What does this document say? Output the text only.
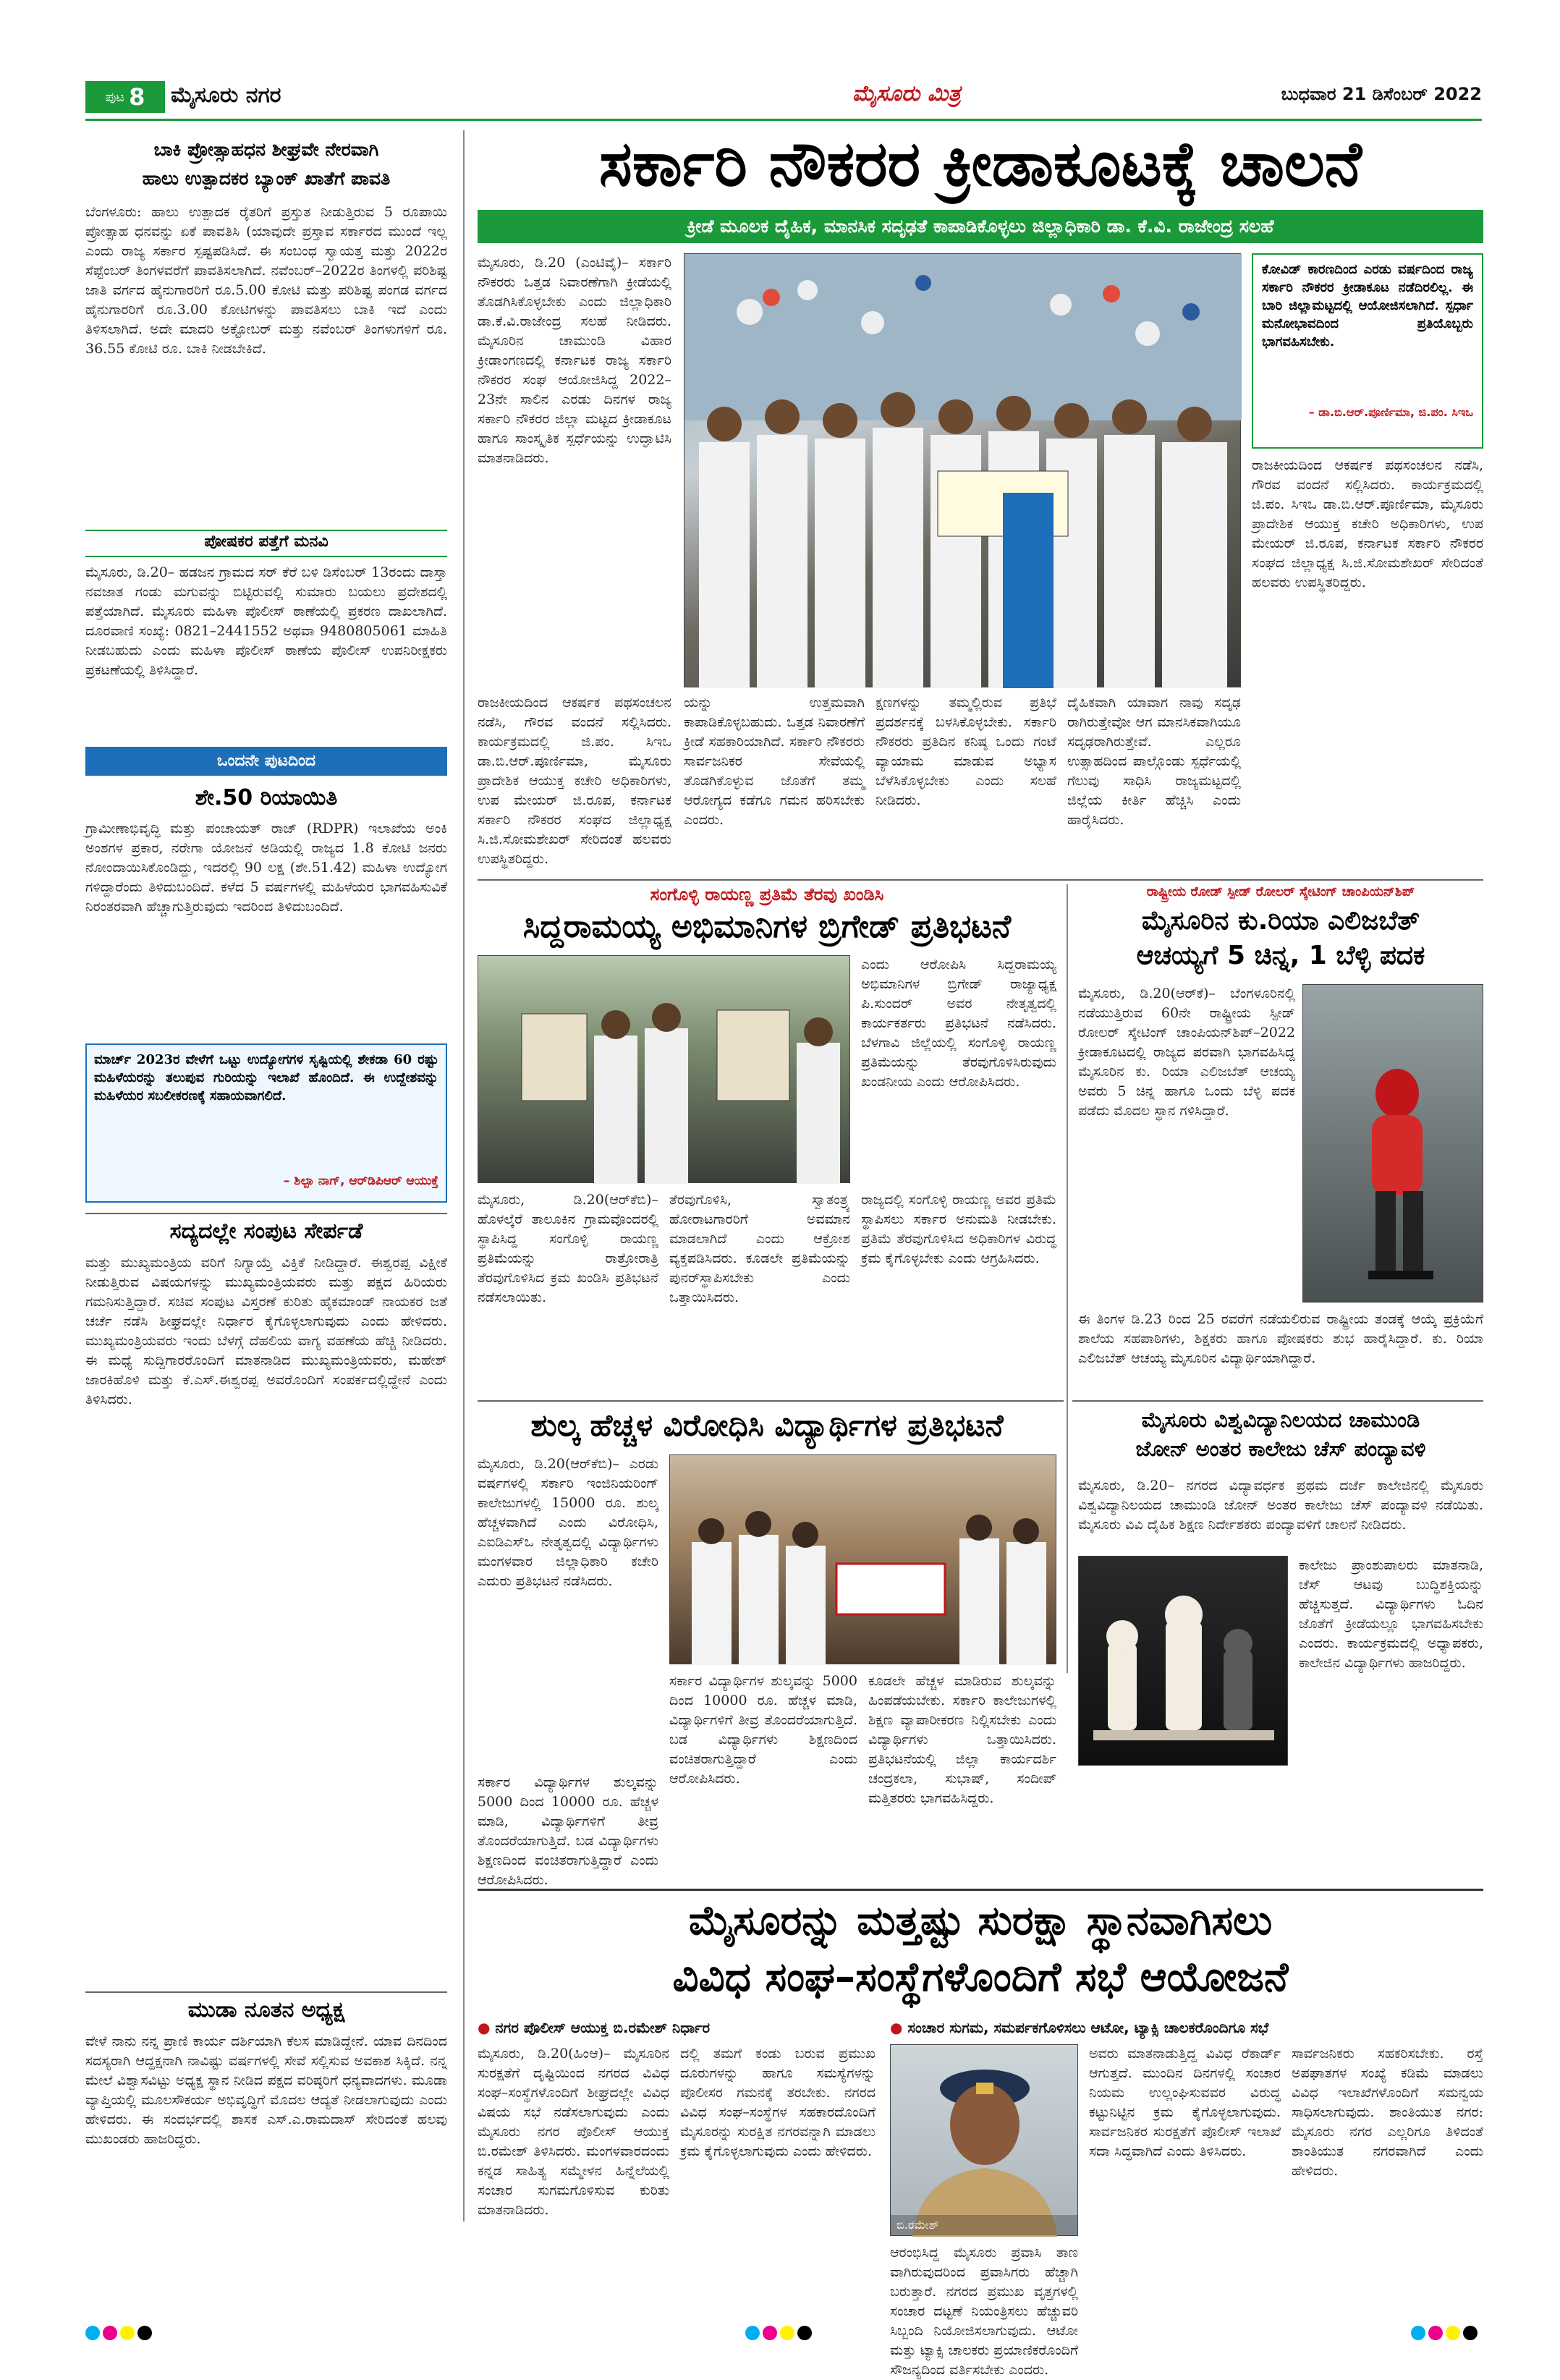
ಪುಟ 8 ಮೈಸೂರು ನಗರ	ಮೈಸೂರು ಮಿತ್ರ	ಬುಧವಾರ 21 ಡಿಸೆಂಬರ್ 2022
ಬಾಕಿ ಪ್ರೋತ್ಸಾಹಧನ ಶೀಘ್ರವೇ ನೇರವಾಗಿ
ಹಾಲು ಉತ್ಪಾದಕರ ಬ್ಯಾಂಕ್ ಖಾತೆಗೆ ಪಾವತಿ

ಬೆಂಗಳೂರು: ಹಾಲು ಉತ್ಪಾದಕ ರೈತರಿಗೆ ಪ್ರಸ್ತುತ ನೀಡುತ್ತಿರುವ 5 ರೂಪಾಯಿ ಪ್ರೋತ್ಸಾಹ ಧನವನ್ನು ಏಕೆ ಪಾವತಿಸಿ (ಯಾವುದೇ ಪ್ರಸ್ತಾವ ಸರ್ಕಾರದ ಮುಂದೆ ಇಲ್ಲ ಎಂದು ರಾಜ್ಯ ಸರ್ಕಾರ ಸ್ಪಷ್ಟಪಡಿಸಿದೆ. ಈ ಸಂಬಂಧ ಸ್ವಾಯತ್ತ ಮತ್ತು 2022ರ ಸೆಪ್ಟೆಂಬರ್ ತಿಂಗಳವರೆಗೆ ಪಾವತಿಸಲಾಗಿದೆ. ನವೆಂಬರ್–2022ರ ತಿಂಗಳಲ್ಲಿ ಪರಿಶಿಷ್ಟ ಜಾತಿ ವರ್ಗದ ಹೈನುಗಾರರಿಗೆ ರೂ.5.00 ಕೋಟಿ ಮತ್ತು ಪರಿಶಿಷ್ಟ ಪಂಗಡ ವರ್ಗದ ಹೈನುಗಾರರಿಗೆ ರೂ.3.00 ಕೋಟಿಗಳನ್ನು ಪಾವತಿಸಲು ಬಾಕಿ ಇದೆ ಎಂದು ತಿಳಿಸಲಾಗಿದೆ. ಅದೇ ಮಾದರಿ ಅಕ್ಟೋಬರ್ ಮತ್ತು ನವೆಂಬರ್ ತಿಂಗಳುಗಳಿಗೆ ರೂ. 36.55 ಕೋಟಿ ರೂ. ಬಾಕಿ ನೀಡಬೇಕಿದೆ.

ಪೋಷಕರ ಪತ್ತೆಗೆ ಮನವಿ

ಮೈಸೂರು, ಡಿ.20– ಹಡಜನ ಗ್ರಾಮದ ಸರ್ ಕೆರೆ ಬಳಿ ಡಿಸೆಂಬರ್ 13ರಂದು ದಾಸ್ತಾ ನವಜಾತ ಗಂಡು ಮಗುವನ್ನು ಬಿಟ್ಟಿರುವಲ್ಲಿ ಸುಮಾರು ಬಯಲು ಪ್ರದೇಶದಲ್ಲಿ ಪತ್ತೆಯಾಗಿದೆ. ಮೈಸೂರು ಮಹಿಳಾ ಪೊಲೀಸ್ ಠಾಣೆಯಲ್ಲಿ ಪ್ರಕರಣ ದಾಖಲಾಗಿದೆ. ದೂರವಾಣಿ ಸಂಖ್ಯೆ: 0821–2441552 ಅಥವಾ 9480805061 ಮಾಹಿತಿ ನೀಡಬಹುದು ಎಂದು ಮಹಿಳಾ ಪೊಲೀಸ್ ಠಾಣೆಯ ಪೊಲೀಸ್ ಉಪನಿರೀಕ್ಷಕರು ಪ್ರಕಟಣೆಯಲ್ಲಿ ತಿಳಿಸಿದ್ದಾರೆ.

ಒಂದನೇ ಪುಟದಿಂದ
ಶೇ.50 ರಿಯಾಯಿತಿ

ಗ್ರಾಮೀಣಾಭಿವೃದ್ಧಿ ಮತ್ತು ಪಂಚಾಯತ್ ರಾಜ್ (RDPR) ಇಲಾಖೆಯ ಅಂಕಿ ಅಂಶಗಳ ಪ್ರಕಾರ, ನರೇಗಾ ಯೋಜನೆ ಅಡಿಯಲ್ಲಿ ರಾಜ್ಯದ 1.8 ಕೋಟಿ ಜನರು ನೋಂದಾಯಿಸಿಕೊಂಡಿದ್ದು, ಇದರಲ್ಲಿ 90 ಲಕ್ಷ (ಶೇ.51.42) ಮಹಿಳಾ ಉದ್ಯೋಗ ಗಳಿದ್ದಾರೆಂದು ತಿಳಿದುಬಂದಿದೆ. ಕಳೆದ 5 ವರ್ಷಗಳಲ್ಲಿ ಮಹಿಳೆಯರ ಭಾಗವಹಿಸುವಿಕೆ ನಿರಂತರವಾಗಿ ಹೆಚ್ಚಾಗುತ್ತಿರುವುದು ಇದರಿಂದ ತಿಳಿದುಬಂದಿದೆ.

ಮಾರ್ಚ್ 2023ರ ವೇಳೆಗೆ ಒಟ್ಟು ಉದ್ಯೋಗಗಳ ಸೃಷ್ಟಿಯಲ್ಲಿ ಶೇಕಡಾ 60 ರಷ್ಟು ಮಹಿಳೆಯರನ್ನು ತಲುಪುವ ಗುರಿಯನ್ನು ಇಲಾಖೆ ಹೊಂದಿದೆ. ಈ ಉದ್ದೇಶವನ್ನು ಮಹಿಳೆಯರ ಸಬಲೀಕರಣಕ್ಕೆ ಸಹಾಯವಾಗಲಿದೆ.

– ಶಿಲ್ಪಾ ನಾಗ್, ಆರ್‌ಡಿಪಿಆರ್ ಆಯುಕ್ತೆ
ಸದ್ಯದಲ್ಲೇ ಸಂಪುಟ ಸೇರ್ಪಡೆ

ಮತ್ತು ಮುಖ್ಯಮಂತ್ರಿಯ ವರಿಗೆ ನಿಗ್ಯಾಯ್ತೆ ವಿಕ್ತಿಕೆ ನೀಡಿದ್ದಾರೆ. ಈಶ್ವರಪ್ಪ ವಿಕ್ಷೀಕೆ ನೀಡುತ್ತಿರುವ ವಿಷಯಗಳನ್ನು ಮುಖ್ಯಮಂತ್ರಿಯವರು ಮತ್ತು ಪಕ್ಷದ ಹಿರಿಯರು ಗಮನಿಸುತ್ತಿದ್ದಾರೆ. ಸಚಿವ ಸಂಪುಟ ವಿಸ್ತರಣೆ ಕುರಿತು ಹೈಕಮಾಂಡ್ ನಾಯಕರ ಜತೆ ಚರ್ಚೆ ನಡೆಸಿ ಶೀಘ್ರದಲ್ಲೇ ನಿರ್ಧಾರ ಕೈಗೊಳ್ಳಲಾಗುವುದು ಎಂದು ಹೇಳಿದರು. ಮುಖ್ಯಮಂತ್ರಿಯವರು ಇಂದು ಬೆಳಗ್ಗೆ ದೆಹಲಿಯ ವಾಗ್ಯ ವಹಣೆಯ ಹೆಚ್ಚಿ ನೀಡಿದರು. ಈ ಮಧ್ಯೆ ಸುದ್ದಿಗಾರರೊಂದಿಗೆ ಮಾತನಾಡಿದ ಮುಖ್ಯಮಂತ್ರಿಯವರು, ಮಹೇಶ್ ಜಾರಕಿಹೊಳಿ ಮತ್ತು ಕೆ.ಎಸ್.ಈಶ್ವರಪ್ಪ ಅವರೊಂದಿಗೆ ಸಂಪರ್ಕದಲ್ಲಿದ್ದೇನೆ ಎಂದು ತಿಳಿಸಿದರು.

ಮುಡಾ ನೂತನ ಅಧ್ಯಕ್ಷ

ವೇಳೆ ನಾನು ನನ್ನ ಪ್ರಾಣಿ ಕಾರ್ಯ ದರ್ಶಿಯಾಗಿ ಕೆಲಸ ಮಾಡಿದ್ದೇನೆ. ಯಾವ ದಿನದಿಂದ ಸದಸ್ಯರಾಗಿ ಆದ್ದಕ್ಷನಾಗಿ ನಾವಿಷ್ಟು ವರ್ಷಗಳಲ್ಲಿ ಸೇವೆ ಸಲ್ಲಿಸುವ ಅವಕಾಶ ಸಿಕ್ಕಿದೆ. ನನ್ನ ಮೇಲೆ ವಿಶ್ವಾಸವಿಟ್ಟು ಅಧ್ಯಕ್ಷ ಸ್ಥಾನ ನೀಡಿದ ಪಕ್ಷದ ವರಿಷ್ಠರಿಗೆ ಧನ್ಯವಾದಗಳು. ಮೂಡಾ ವ್ಯಾಪ್ತಿಯಲ್ಲಿ ಮೂಲಸೌಕರ್ಯ ಅಭಿವೃದ್ಧಿಗೆ ಮೊದಲ ಆದ್ಯತೆ ನೀಡಲಾಗುವುದು ಎಂದು ಹೇಳಿದರು. ಈ ಸಂದರ್ಭದಲ್ಲಿ ಶಾಸಕ ಎಸ್.ಎ.ರಾಮದಾಸ್ ಸೇರಿದಂತೆ ಹಲವು ಮುಖಂಡರು ಹಾಜರಿದ್ದರು.

ಸರ್ಕಾರಿ ನೌಕರರ ಕ್ರೀಡಾಕೂಟಕ್ಕೆ ಚಾಲನೆ
ಕ್ರೀಡೆ ಮೂಲಕ ದೈಹಿಕ, ಮಾನಸಿಕ ಸದೃಢತೆ ಕಾಪಾಡಿಕೊಳ್ಳಲು ಜಿಲ್ಲಾಧಿಕಾರಿ ಡಾ. ಕೆ.ವಿ. ರಾಜೇಂದ್ರ ಸಲಹೆ

ಮೈಸೂರು, ಡಿ.20 (ಎಂಟಿವೈ)– ಸರ್ಕಾರಿ ನೌಕರರು ಒತ್ತಡ ನಿವಾರಣೆಗಾಗಿ ಕ್ರೀಡೆಯಲ್ಲಿ ತೊಡಗಿಸಿಕೊಳ್ಳಬೇಕು ಎಂದು ಜಿಲ್ಲಾಧಿಕಾರಿ ಡಾ.ಕೆ.ವಿ.ರಾಜೇಂದ್ರ ಸಲಹೆ ನೀಡಿದರು. ಮೈಸೂರಿನ ಚಾಮುಂಡಿ ವಿಹಾರ ಕ್ರೀಡಾಂಗಣದಲ್ಲಿ ಕರ್ನಾಟಕ ರಾಜ್ಯ ಸರ್ಕಾರಿ ನೌಕರರ ಸಂಘ ಆಯೋಜಿಸಿದ್ದ 2022–23ನೇ ಸಾಲಿನ ಎರಡು ದಿನಗಳ ರಾಜ್ಯ ಸರ್ಕಾರಿ ನೌಕರರ ಜಿಲ್ಲಾ ಮಟ್ಟದ ಕ್ರೀಡಾಕೂಟ ಹಾಗೂ ಸಾಂಸ್ಕೃತಿಕ ಸ್ಪರ್ಧೆಯನ್ನು ಉದ್ಘಾಟಿಸಿ ಮಾತನಾಡಿದರು.

ಕೋವಿಡ್ ಕಾರಣದಿಂದ ಎರಡು ವರ್ಷದಿಂದ ರಾಜ್ಯ ಸರ್ಕಾರಿ ನೌಕರರ ಕ್ರೀಡಾಕೂಟ ನಡೆದಿರಲಿಲ್ಲ. ಈ ಬಾರಿ ಜಿಲ್ಲಾಮಟ್ಟದಲ್ಲಿ ಆಯೋಜಿಸಲಾಗಿದೆ. ಸ್ಪರ್ಧಾ ಮನೋಭಾವದಿಂದ ಪ್ರತಿಯೊಬ್ಬರು ಭಾಗವಹಿಸಬೇಕು.

– ಡಾ.ಬಿ.ಆರ್.ಪೂರ್ಣಿಮಾ, ಜಿ.ಪಂ. ಸಿಇಒ

ರಾಜಕೀಯದಿಂದ ಆಕರ್ಷಕ ಪಥಸಂಚಲನ ನಡೆಸಿ, ಗೌರವ ವಂದನೆ ಸಲ್ಲಿಸಿದರು. ಕಾರ್ಯಕ್ರಮದಲ್ಲಿ ಜಿ.ಪಂ. ಸಿಇಒ ಡಾ.ಬಿ.ಆರ್.ಪೂರ್ಣಿಮಾ, ಮೈಸೂರು ಪ್ರಾದೇಶಿಕ ಆಯುಕ್ತ ಕಚೇರಿ ಅಧಿಕಾರಿಗಳು, ಉಪ ಮೇಯರ್ ಜಿ.ರೂಪ, ಕರ್ನಾಟಕ ಸರ್ಕಾರಿ ನೌಕರರ ಸಂಘದ ಜಿಲ್ಲಾಧ್ಯಕ್ಷ ಸಿ.ಜಿ.ಸೋಮಶೇಖರ್ ಸೇರಿದಂತೆ ಹಲವರು ಉಪಸ್ಥಿತರಿದ್ದರು.

ಯನ್ನು ಉತ್ತಮವಾಗಿ ಕಾಪಾಡಿಕೊಳ್ಳಬಹುದು. ಒತ್ತಡ ನಿವಾರಣೆಗೆ ಕ್ರೀಡೆ ಸಹಕಾರಿಯಾಗಿದೆ. ಸರ್ಕಾರಿ ನೌಕರರು ಸಾರ್ವಜನಿಕರ ಸೇವೆಯಲ್ಲಿ ತೊಡಗಿಕೊಳ್ಳುವ ಜೊತೆಗೆ ತಮ್ಮ ಆರೋಗ್ಯದ ಕಡೆಗೂ ಗಮನ ಹರಿಸಬೇಕು ಎಂದರು.

ಕ್ಷಣಗಳನ್ನು ತಮ್ಮಲ್ಲಿರುವ ಪ್ರತಿಭೆ ಪ್ರದರ್ಶನಕ್ಕೆ ಬಳಸಿಕೊಳ್ಳಬೇಕು. ಸರ್ಕಾರಿ ನೌಕರರು ಪ್ರತಿದಿನ ಕನಿಷ್ಠ ಒಂದು ಗಂಟೆ ವ್ಯಾಯಾಮ ಮಾಡುವ ಅಭ್ಯಾಸ ಬೆಳೆಸಿಕೊಳ್ಳಬೇಕು ಎಂದು ಸಲಹೆ ನೀಡಿದರು.

ದೈಹಿಕವಾಗಿ ಯಾವಾಗ ನಾವು ಸದೃಢ ರಾಗಿರುತ್ತೇವೋ ಆಗ ಮಾನಸಿಕವಾಗಿಯೂ ಸದೃಢರಾಗಿರುತ್ತೇವೆ. ಎಲ್ಲರೂ ಉತ್ಸಾಹದಿಂದ ಪಾಲ್ಗೊಂಡು ಸ್ಪರ್ಧೆಯಲ್ಲಿ ಗೆಲುವು ಸಾಧಿಸಿ ರಾಜ್ಯಮಟ್ಟದಲ್ಲಿ ಜಿಲ್ಲೆಯ ಕೀರ್ತಿ ಹೆಚ್ಚಿಸಿ ಎಂದು ಹಾರೈಸಿದರು.

ರಾಜಕೀಯದಿಂದ ಆಕರ್ಷಕ ಪಥಸಂಚಲನ ನಡೆಸಿ, ಗೌರವ ವಂದನೆ ಸಲ್ಲಿಸಿದರು. ಕಾರ್ಯಕ್ರಮದಲ್ಲಿ ಜಿ.ಪಂ. ಸಿಇಒ ಡಾ.ಬಿ.ಆರ್.ಪೂರ್ಣಿಮಾ, ಮೈಸೂರು ಪ್ರಾದೇಶಿಕ ಆಯುಕ್ತ ಕಚೇರಿ ಅಧಿಕಾರಿಗಳು, ಉಪ ಮೇಯರ್ ಜಿ.ರೂಪ, ಕರ್ನಾಟಕ ಸರ್ಕಾರಿ ನೌಕರರ ಸಂಘದ ಜಿಲ್ಲಾಧ್ಯಕ್ಷ ಸಿ.ಜಿ.ಸೋಮಶೇಖರ್ ಸೇರಿದಂತೆ ಹಲವರು ಉಪಸ್ಥಿತರಿದ್ದರು.

ಸಂಗೊಳ್ಳಿ ರಾಯಣ್ಣ ಪ್ರತಿಮೆ ತೆರವು ಖಂಡಿಸಿ
ಸಿದ್ದರಾಮಯ್ಯ ಅಭಿಮಾನಿಗಳ ಬ್ರಿಗೇಡ್ ಪ್ರತಿಭಟನೆ

ಎಂದು ಆರೋಪಿಸಿ ಸಿದ್ದರಾಮಯ್ಯ ಅಭಿಮಾನಿಗಳ ಬ್ರಿಗೇಡ್ ರಾಜ್ಯಾಧ್ಯಕ್ಷ ಪಿ.ಸುಂದರ್ ಅವರ ನೇತೃತ್ವದಲ್ಲಿ ಕಾರ್ಯಕರ್ತರು ಪ್ರತಿಭಟನೆ ನಡೆಸಿದರು. ಬೆಳಗಾವಿ ಜಿಲ್ಲೆಯಲ್ಲಿ ಸಂಗೊಳ್ಳಿ ರಾಯಣ್ಣ ಪ್ರತಿಮೆಯನ್ನು ತೆರವುಗೊಳಿಸಿರುವುದು ಖಂಡನೀಯ ಎಂದು ಆರೋಪಿಸಿದರು.

ಮೈಸೂರು, ಡಿ.20(ಆರ್‌ಕೆಬಿ)– ಹೊಳಲ್ಕೆರೆ ತಾಲೂಕಿನ ಗ್ರಾಮವೊಂದರಲ್ಲಿ ಸ್ಥಾಪಿಸಿದ್ದ ಸಂಗೊಳ್ಳಿ ರಾಯಣ್ಣ ಪ್ರತಿಮೆಯನ್ನು ರಾತ್ರೋರಾತ್ರಿ ತೆರವುಗೊಳಿಸಿದ ಕ್ರಮ ಖಂಡಿಸಿ ಪ್ರತಿಭಟನೆ ನಡೆಸಲಾಯಿತು.

ತೆರವುಗೊಳಿಸಿ, ಸ್ವಾತಂತ್ರ್ಯ ಹೋರಾಟಗಾರರಿಗೆ ಅವಮಾನ ಮಾಡಲಾಗಿದೆ ಎಂದು ಆಕ್ರೋಶ ವ್ಯಕ್ತಪಡಿಸಿದರು. ಕೂಡಲೇ ಪ್ರತಿಮೆಯನ್ನು ಪುನರ್‌ಸ್ಥಾಪಿಸಬೇಕು ಎಂದು ಒತ್ತಾಯಿಸಿದರು.

ರಾಜ್ಯದಲ್ಲಿ ಸಂಗೊಳ್ಳಿ ರಾಯಣ್ಣ ಅವರ ಪ್ರತಿಮೆ ಸ್ಥಾಪಿಸಲು ಸರ್ಕಾರ ಅನುಮತಿ ನೀಡಬೇಕು. ಪ್ರತಿಮೆ ತೆರವುಗೊಳಿಸಿದ ಅಧಿಕಾರಿಗಳ ವಿರುದ್ಧ ಕ್ರಮ ಕೈಗೊಳ್ಳಬೇಕು ಎಂದು ಆಗ್ರಹಿಸಿದರು.

ರಾಷ್ಟ್ರೀಯ ರೋಡ್ ಸ್ಪೀಡ್ ರೋಲರ್ ಸ್ಕೇಟಿಂಗ್ ಚಾಂಪಿಯನ್‌ಶಿಪ್
ಮೈಸೂರಿನ ಕು.ರಿಯಾ ಎಲಿಜಬೆತ್
ಆಚಯ್ಯಗೆ 5 ಚಿನ್ನ, 1 ಬೆಳ್ಳಿ ಪದಕ

ಮೈಸೂರು, ಡಿ.20(ಆರ್‌ಕೆ)– ಬೆಂಗಳೂರಿನಲ್ಲಿ ನಡೆಯುತ್ತಿರುವ 60ನೇ ರಾಷ್ಟ್ರೀಯ ಸ್ಪೀಡ್ ರೋಲರ್ ಸ್ಕೇಟಿಂಗ್ ಚಾಂಪಿಯನ್‌ಶಿಪ್–2022 ಕ್ರೀಡಾಕೂಟದಲ್ಲಿ ರಾಜ್ಯದ ಪರವಾಗಿ ಭಾಗವಹಿಸಿದ್ದ ಮೈಸೂರಿನ ಕು. ರಿಯಾ ಎಲಿಜಬೆತ್ ಆಚಯ್ಯ ಅವರು 5 ಚಿನ್ನ ಹಾಗೂ ಒಂದು ಬೆಳ್ಳಿ ಪದಕ ಪಡೆದು ಮೊದಲ ಸ್ಥಾನ ಗಳಿಸಿದ್ದಾರೆ.

ಈ ತಿಂಗಳ ಡಿ.23 ರಿಂದ 25 ರವರೆಗೆ ನಡೆಯಲಿರುವ ರಾಷ್ಟ್ರೀಯ ತಂಡಕ್ಕೆ ಆಯ್ಕೆ ಪ್ರಕ್ರಿಯೆಗೆ ಶಾಲೆಯ ಸಹಪಾಠಿಗಳು, ಶಿಕ್ಷಕರು ಹಾಗೂ ಪೋಷಕರು ಶುಭ ಹಾರೈಸಿದ್ದಾರೆ. ಕು. ರಿಯಾ ಎಲಿಜಬೆತ್ ಆಚಯ್ಯ ಮೈಸೂರಿನ ವಿದ್ಯಾರ್ಥಿಯಾಗಿದ್ದಾರೆ.

ಶುಲ್ಕ ಹೆಚ್ಚಳ ವಿರೋಧಿಸಿ ವಿದ್ಯಾರ್ಥಿಗಳ ಪ್ರತಿಭಟನೆ

ಮೈಸೂರು, ಡಿ.20(ಆರ್‌ಕೆಬಿ)– ಎರಡು ವರ್ಷಗಳಲ್ಲಿ ಸರ್ಕಾರಿ ಇಂಜಿನಿಯರಿಂಗ್ ಕಾಲೇಜುಗಳಲ್ಲಿ 15000 ರೂ. ಶುಲ್ಕ ಹೆಚ್ಚಳವಾಗಿದೆ ಎಂದು ವಿರೋಧಿಸಿ, ಎಐಡಿಎಸ್‌ಒ ನೇತೃತ್ವದಲ್ಲಿ ವಿದ್ಯಾರ್ಥಿಗಳು ಮಂಗಳವಾರ ಜಿಲ್ಲಾಧಿಕಾರಿ ಕಚೇರಿ ಎದುರು ಪ್ರತಿಭಟನೆ ನಡೆಸಿದರು.

ಸರ್ಕಾರ ವಿದ್ಯಾರ್ಥಿಗಳ ಶುಲ್ಕವನ್ನು 5000 ದಿಂದ 10000 ರೂ. ಹೆಚ್ಚಳ ಮಾಡಿ, ವಿದ್ಯಾರ್ಥಿಗಳಿಗೆ ತೀವ್ರ ತೊಂದರೆಯಾಗುತ್ತಿದೆ. ಬಡ ವಿದ್ಯಾರ್ಥಿಗಳು ಶಿಕ್ಷಣದಿಂದ ವಂಚಿತರಾಗುತ್ತಿದ್ದಾರೆ ಎಂದು ಆರೋಪಿಸಿದರು.

ಕೂಡಲೇ ಹೆಚ್ಚಳ ಮಾಡಿರುವ ಶುಲ್ಕವನ್ನು ಹಿಂಪಡೆಯಬೇಕು. ಸರ್ಕಾರಿ ಕಾಲೇಜುಗಳಲ್ಲಿ ಶಿಕ್ಷಣ ವ್ಯಾಪಾರೀಕರಣ ನಿಲ್ಲಿಸಬೇಕು ಎಂದು ವಿದ್ಯಾರ್ಥಿಗಳು ಒತ್ತಾಯಿಸಿದರು. ಪ್ರತಿಭಟನೆಯಲ್ಲಿ ಜಿಲ್ಲಾ ಕಾರ್ಯದರ್ಶಿ ಚಂದ್ರಕಲಾ, ಸುಭಾಷ್, ಸಂದೀಪ್ ಮತ್ತಿತರರು ಭಾಗವಹಿಸಿದ್ದರು.

ಸರ್ಕಾರ ವಿದ್ಯಾರ್ಥಿಗಳ ಶುಲ್ಕವನ್ನು 5000 ದಿಂದ 10000 ರೂ. ಹೆಚ್ಚಳ ಮಾಡಿ, ವಿದ್ಯಾರ್ಥಿಗಳಿಗೆ ತೀವ್ರ ತೊಂದರೆಯಾಗುತ್ತಿದೆ. ಬಡ ವಿದ್ಯಾರ್ಥಿಗಳು ಶಿಕ್ಷಣದಿಂದ ವಂಚಿತರಾಗುತ್ತಿದ್ದಾರೆ ಎಂದು ಆರೋಪಿಸಿದರು.

ಮೈಸೂರು ವಿಶ್ವವಿದ್ಯಾನಿಲಯದ ಚಾಮುಂಡಿ
ಜೋನ್ ಅಂತರ ಕಾಲೇಜು ಚೆಸ್ ಪಂದ್ಯಾವಳಿ

ಮೈಸೂರು, ಡಿ.20– ನಗರದ ವಿದ್ಯಾವರ್ಧಕ ಪ್ರಥಮ ದರ್ಜೆ ಕಾಲೇಜಿನಲ್ಲಿ ಮೈಸೂರು ವಿಶ್ವವಿದ್ಯಾನಿಲಯದ ಚಾಮುಂಡಿ ಜೋನ್ ಅಂತರ ಕಾಲೇಜು ಚೆಸ್ ಪಂದ್ಯಾವಳಿ ನಡೆಯಿತು. ಮೈಸೂರು ವಿವಿ ದೈಹಿಕ ಶಿಕ್ಷಣ ನಿರ್ದೇಶಕರು ಪಂದ್ಯಾವಳಿಗೆ ಚಾಲನೆ ನೀಡಿದರು.

ಕಾಲೇಜು ಪ್ರಾಂಶುಪಾಲರು ಮಾತನಾಡಿ, ಚೆಸ್ ಆಟವು ಬುದ್ಧಿಶಕ್ತಿಯನ್ನು ಹೆಚ್ಚಿಸುತ್ತದೆ. ವಿದ್ಯಾರ್ಥಿಗಳು ಓದಿನ ಜೊತೆಗೆ ಕ್ರೀಡೆಯಲ್ಲೂ ಭಾಗವಹಿಸಬೇಕು ಎಂದರು. ಕಾರ್ಯಕ್ರಮದಲ್ಲಿ ಅಧ್ಯಾಪಕರು, ಕಾಲೇಜಿನ ವಿದ್ಯಾರ್ಥಿಗಳು ಹಾಜರಿದ್ದರು.

ಮೈಸೂರನ್ನು ಮತ್ತಷ್ಟು ಸುರಕ್ಷಾ ಸ್ಥಾನವಾಗಿಸಲು
ವಿವಿಧ ಸಂಘ–ಸಂಸ್ಥೆಗಳೊಂದಿಗೆ ಸಭೆ ಆಯೋಜನೆ
● ನಗರ ಪೊಲೀಸ್ ಆಯುಕ್ತ ಬಿ.ರಮೇಶ್ ನಿರ್ಧಾರ	● ಸಂಚಾರ ಸುಗಮ, ಸಮರ್ಪಕಗೊಳಿಸಲು ಆಟೋ, ಟ್ಯಾಕ್ಸಿ ಚಾಲಕರೊಂದಿಗೂ ಸಭೆ

ಮೈಸೂರು, ಡಿ.20(ಹಿಂಆ)– ಮೈಸೂರಿನ ಸುರಕ್ಷತೆಗೆ ದೃಷ್ಟಿಯಿಂದ ನಗರದ ವಿವಿಧ ಸಂಘ–ಸಂಸ್ಥೆಗಳೊಂದಿಗೆ ಶೀಘ್ರದಲ್ಲೇ ವಿವಿಧ ವಿಷಯ ಸಭೆ ನಡೆಸಲಾಗುವುದು ಎಂದು ಮೈಸೂರು ನಗರ ಪೊಲೀಸ್ ಆಯುಕ್ತ ಬಿ.ರಮೇಶ್ ತಿಳಿಸಿದರು. ಮಂಗಳವಾರದಂದು ಕನ್ನಡ ಸಾಹಿತ್ಯ ಸಮ್ಮೇಳನ ಹಿನ್ನೆಲೆಯಲ್ಲಿ ಸಂಚಾರ ಸುಗಮಗೊಳಿಸುವ ಕುರಿತು ಮಾತನಾಡಿದರು.

ದಲ್ಲಿ ತಮಗೆ ಕಂಡು ಬರುವ ಪ್ರಮುಖ ದೂರುಗಳನ್ನು ಹಾಗೂ ಸಮಸ್ಯೆಗಳನ್ನು ಪೊಲೀಸರ ಗಮನಕ್ಕೆ ತರಬೇಕು. ನಗರದ ವಿವಿಧ ಸಂಘ–ಸಂಸ್ಥೆಗಳ ಸಹಕಾರದೊಂದಿಗೆ ಮೈಸೂರನ್ನು ಸುರಕ್ಷಿತ ನಗರವನ್ನಾಗಿ ಮಾಡಲು ಕ್ರಮ ಕೈಗೊಳ್ಳಲಾಗುವುದು ಎಂದು ಹೇಳಿದರು.

ಬಿ.ರಮೇಶ್

ಆರಂಭಿಸಿದ್ದ ಮೈಸೂರು ಪ್ರವಾಸಿ ತಾಣ ವಾಗಿರುವುದರಿಂದ ಪ್ರವಾಸಿಗರು ಹೆಚ್ಚಾಗಿ ಬರುತ್ತಾರೆ. ನಗರದ ಪ್ರಮುಖ ವೃತ್ತಗಳಲ್ಲಿ ಸಂಚಾರ ದಟ್ಟಣೆ ನಿಯಂತ್ರಿಸಲು ಹೆಚ್ಚುವರಿ ಸಿಬ್ಬಂದಿ ನಿಯೋಜಿಸಲಾಗುವುದು. ಆಟೋ ಮತ್ತು ಟ್ಯಾಕ್ಸಿ ಚಾಲಕರು ಪ್ರಯಾಣಿಕರೊಂದಿಗೆ ಸೌಜನ್ಯದಿಂದ ವರ್ತಿಸಬೇಕು ಎಂದರು.

ಅವರು ಮಾತನಾಡುತ್ತಿದ್ದ ವಿವಿಧ ರೆಕಾರ್ಡ್ ಆಗುತ್ತದೆ. ಮುಂದಿನ ದಿನಗಳಲ್ಲಿ ಸಂಚಾರ ನಿಯಮ ಉಲ್ಲಂಘಿಸುವವರ ವಿರುದ್ಧ ಕಟ್ಟುನಿಟ್ಟಿನ ಕ್ರಮ ಕೈಗೊಳ್ಳಲಾಗುವುದು. ಸಾರ್ವಜನಿಕರ ಸುರಕ್ಷತೆಗೆ ಪೊಲೀಸ್ ಇಲಾಖೆ ಸದಾ ಸಿದ್ಧವಾಗಿದೆ ಎಂದು ತಿಳಿಸಿದರು.

ಸಾರ್ವಜನಿಕರು ಸಹಕರಿಸಬೇಕು. ರಸ್ತೆ ಅಪಘಾತಗಳ ಸಂಖ್ಯೆ ಕಡಿಮೆ ಮಾಡಲು ವಿವಿಧ ಇಲಾಖೆಗಳೊಂದಿಗೆ ಸಮನ್ವಯ ಸಾಧಿಸಲಾಗುವುದು. ಶಾಂತಿಯುತ ನಗರ: ಮೈಸೂರು ನಗರ ಎಲ್ಲರಿಗೂ ತಿಳಿದಂತೆ ಶಾಂತಿಯುತ ನಗರವಾಗಿದೆ ಎಂದು ಹೇಳಿದರು.
